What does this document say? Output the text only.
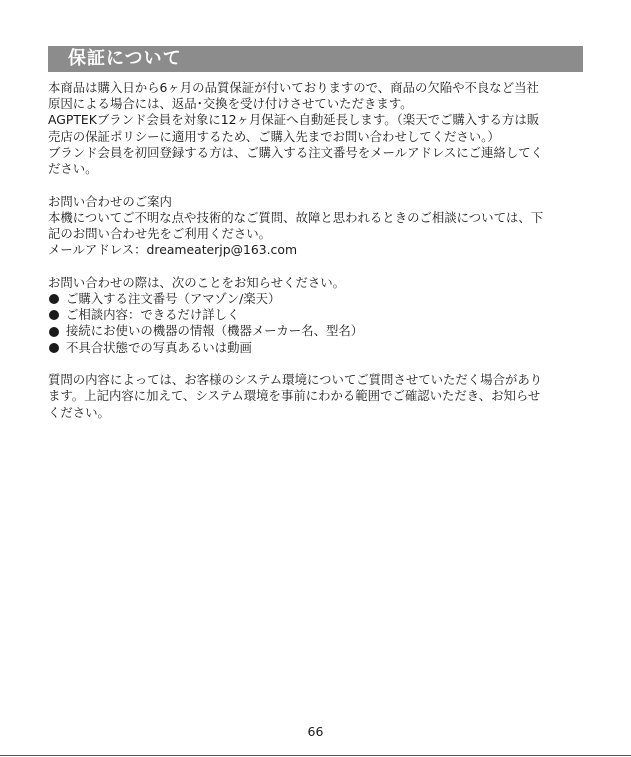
保証について

本商品は購入日から6ヶ月の品質保証が付いておりますので、商品の欠陥や不良など当社

原因による場合には、返品･交換を受け付けさせていただきます。

AGPTEKブランド会員を対象に12ヶ月保証へ自動延長します。（楽天でご購入する方は販

売店の保証ポリシーに適用するため、ご購入先までお問い合わせしてください。）

ブランド会員を初回登録する方は、ご購入する注文番号をメールアドレスにご連絡してく

ださい。

お問い合わせのご案内

本機についてご不明な点や技術的なご質問、故障と思われるときのご相談については、下

記のお問い合わせ先をご利用ください。

メールアドレス：dreameaterjp@163.com

お問い合わせの際は、次のことをお知らせください。

ご購入する注文番号（アマゾン/楽天）
ご相談内容：できるだけ詳しく
接続にお使いの機器の情報（機器メーカー名、型名）
不具合状態での写真あるいは動画

質問の内容によっては、お客様のシステム環境についてご質問させていただく場合があり

ます。上記内容に加えて、システム環境を事前にわかる範囲でご確認いただき、お知らせ

ください。

66
